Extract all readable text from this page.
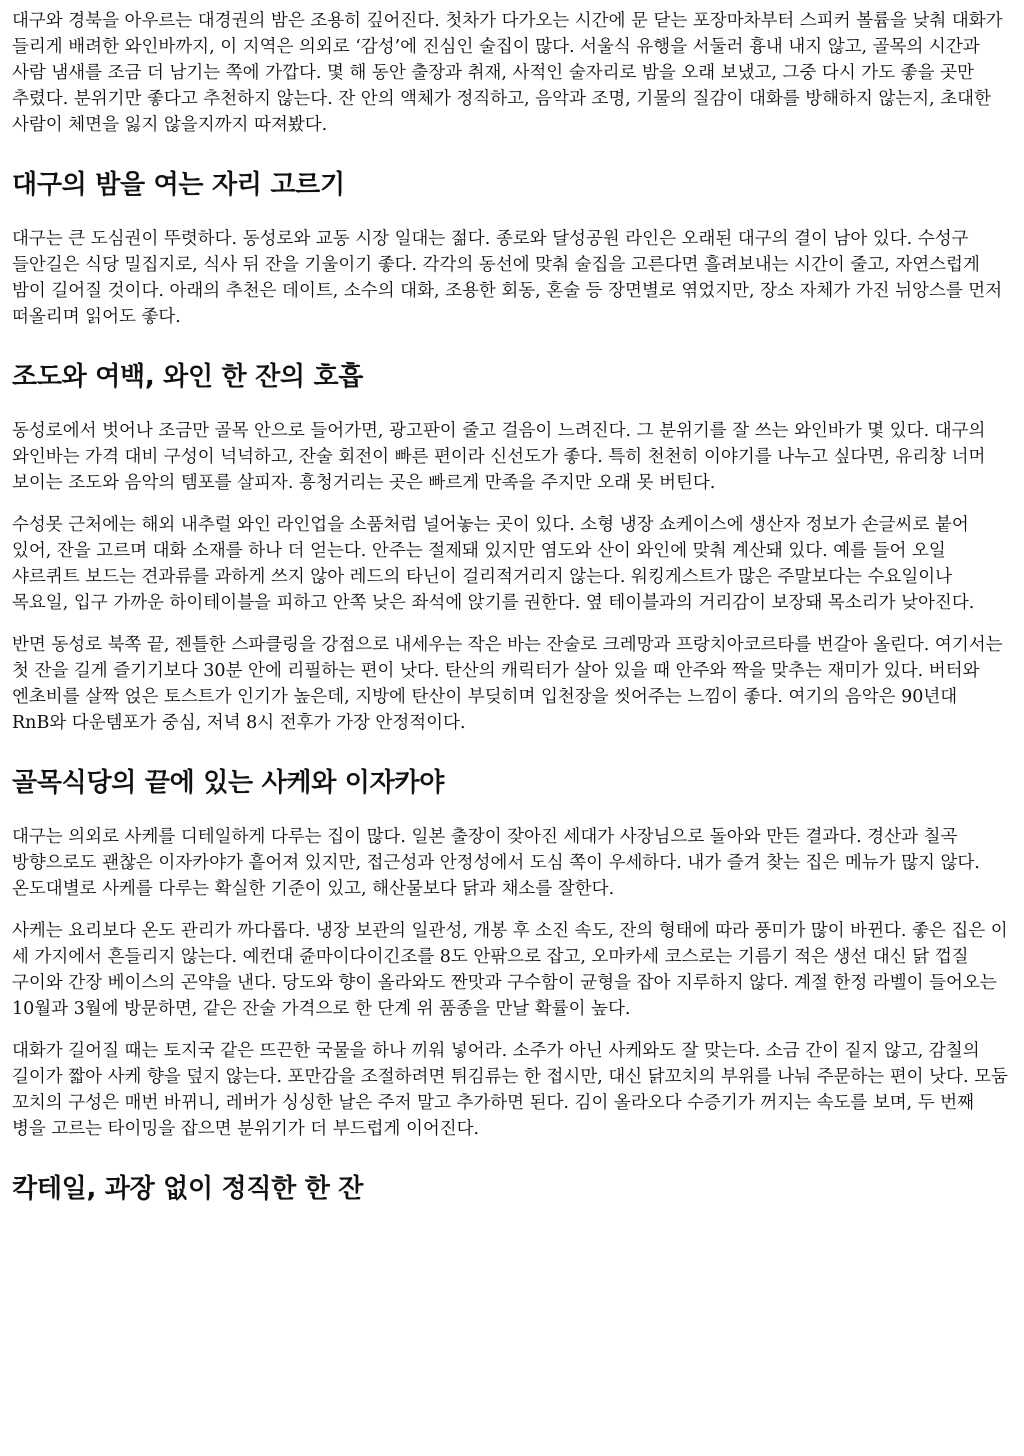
대구와 경북을 아우르는 대경권의 밤은 조용히 깊어진다. 첫차가 다가오는 시간에 문 닫는 포장마차부터 스피커 볼륨을 낮춰 대화가 들리게 배려한 와인바까지, 이 지역은 의외로 ‘감성’에 진심인 술집이 많다. 서울식 유행을 서둘러 흉내 내지 않고, 골목의 시간과 사람 냄새를 조금 더 남기는 쪽에 가깝다. 몇 해 동안 출장과 취재, 사적인 술자리로 밤을 오래 보냈고, 그중 다시 가도 좋을 곳만 추렸다. 분위기만 좋다고 추천하지 않는다. 잔 안의 액체가 정직하고, 음악과 조명, 기물의 질감이 대화를 방해하지 않는지, 초대한 사람이 체면을 잃지 않을지까지 따져봤다.

대구의 밤을 여는 자리 고르기

대구는 큰 도심권이 뚜렷하다. 동성로와 교동 시장 일대는 젊다. 종로와 달성공원 라인은 오래된 대구의 결이 남아 있다. 수성구 들안길은 식당 밀집지로, 식사 뒤 잔을 기울이기 좋다. 각각의 동선에 맞춰 술집을 고른다면 흘려보내는 시간이 줄고, 자연스럽게 밤이 길어질 것이다. 아래의 추천은 데이트, 소수의 대화, 조용한 회동, 혼술 등 장면별로 엮었지만, 장소 자체가 가진 뉘앙스를 먼저 떠올리며 읽어도 좋다.

조도와 여백, 와인 한 잔의 호흡

동성로에서 벗어나 조금만 골목 안으로 들어가면, 광고판이 줄고 걸음이 느려진다. 그 분위기를 잘 쓰는 와인바가 몇 있다. 대구의 와인바는 가격 대비 구성이 넉넉하고, 잔술 회전이 빠른 편이라 신선도가 좋다. 특히 천천히 이야기를 나누고 싶다면, 유리창 너머 보이는 조도와 음악의 템포를 살피자. 흥청거리는 곳은 빠르게 만족을 주지만 오래 못 버틴다.

수성못 근처에는 해외 내추럴 와인 라인업을 소품처럼 널어놓는 곳이 있다. 소형 냉장 쇼케이스에 생산자 정보가 손글씨로 붙어 있어, 잔을 고르며 대화 소재를 하나 더 얻는다. 안주는 절제돼 있지만 염도와 산이 와인에 맞춰 계산돼 있다. 예를 들어 오일 샤르퀴트 보드는 견과류를 과하게 쓰지 않아 레드의 타닌이 걸리적거리지 않는다. 워킹게스트가 많은 주말보다는 수요일이나 목요일, 입구 가까운 하이테이블을 피하고 안쪽 낮은 좌석에 앉기를 권한다. 옆 테이블과의 거리감이 보장돼 목소리가 낮아진다.

반면 동성로 북쪽 끝, 젠틀한 스파클링을 강점으로 내세우는 작은 바는 잔술로 크레망과 프랑치아코르타를 번갈아 올린다. 여기서는 첫 잔을 길게 즐기기보다 30분 안에 리필하는 편이 낫다. 탄산의 캐릭터가 살아 있을 때 안주와 짝을 맞추는 재미가 있다. 버터와 엔초비를 살짝 얹은 토스트가 인기가 높은데, 지방에 탄산이 부딪히며 입천장을 씻어주는 느낌이 좋다. 여기의 음악은 90년대 RnB와 다운템포가 중심, 저녁 8시 전후가 가장 안정적이다.

골목식당의 끝에 있는 사케와 이자카야

대구는 의외로 사케를 디테일하게 다루는 집이 많다. 일본 출장이 잦아진 세대가 사장님으로 돌아와 만든 결과다. 경산과 칠곡 방향으로도 괜찮은 이자카야가 흩어져 있지만, 접근성과 안정성에서 도심 쪽이 우세하다. 내가 즐겨 찾는 집은 메뉴가 많지 않다. 온도대별로 사케를 다루는 확실한 기준이 있고, 해산물보다 닭과 채소를 잘한다.

사케는 요리보다 온도 관리가 까다롭다. 냉장 보관의 일관성, 개봉 후 소진 속도, 잔의 형태에 따라 풍미가 많이 바뀐다. 좋은 집은 이 세 가지에서 흔들리지 않는다. 예컨대 쥰마이다이긴조를 8도 안팎으로 잡고, 오마카세 코스로는 기름기 적은 생선 대신 닭 껍질 구이와 간장 베이스의 곤약을 낸다. 당도와 향이 올라와도 짠맛과 구수함이 균형을 잡아 지루하지 않다. 계절 한정 라벨이 들어오는 10월과 3월에 방문하면, 같은 잔술 가격으로 한 단계 위 품종을 만날 확률이 높다.

대화가 길어질 때는 토지국 같은 뜨끈한 국물을 하나 끼워 넣어라. 소주가 아닌 사케와도 잘 맞는다. 소금 간이 짙지 않고, 감칠의 길이가 짧아 사케 향을 덮지 않는다. 포만감을 조절하려면 튀김류는 한 접시만, 대신 닭꼬치의 부위를 나눠 주문하는 편이 낫다. 모둠 꼬치의 구성은 매번 바뀌니, 레버가 싱싱한 날은 주저 말고 추가하면 된다. 김이 올라오다 수증기가 꺼지는 속도를 보며, 두 번째 병을 고르는 타이밍을 잡으면 분위기가 더 부드럽게 이어진다.

칵테일, 과장 없이 정직한 한 잔
